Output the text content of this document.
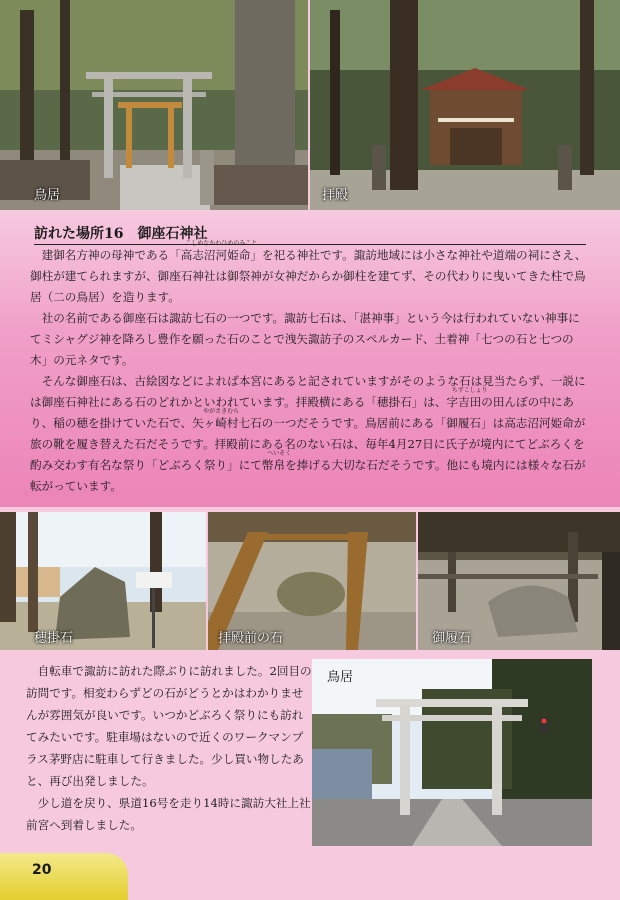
鳥居	拝殿
訪れた場所16　御座石神社

建御名方神の母神である「
こしぬなかわひめのみこと
高志沼河姫命」を祀る神社です。諏訪地域には小さな神社や道端の祠にさえ、御柱が建てられますが、御座石神社は御祭神が女神だからか御柱を建てず、その代わりに曳いてきた柱で鳥居（二の鳥居）を造ります。

社の名前である御座石は諏訪七石の一つです。諏訪七石は、「湛神事」という今は行われていない神事にてミシャグジ神を降ろし豊作を願った石のことで洩矢諏訪子のスペルカード、土着神「七つの石と七つの木」の元ネタです。

そんな御座石は、古絵図などによれば本宮にあると記されていますがそのような石は見当たらず、一説には御座石神社にある石のどれかといわれています。拝殿横にある「穂掛石」は、
ちずこしょり
字吉田の田んぼの中にあり、稲の穂を掛けていた石で、
やがさきむら
矢ヶ崎村七石の一つだそうです。鳥居前にある「御履石」は高志沼河姫命が旅の靴を履き替えた石だそうです。拝殿前にある名のない石は、毎年4月27日に氏子が境内にてどぶろくを酌み交わす有名な祭り「どぶろく祭り」にて
へいそく
幣帛を捧げる大切な石だそうです。他にも境内には様々な石が転がっています。

穂掛石	拝殿前の石	御履石

自転車で諏訪に訪れた際ぶりに訪れました。2回目の訪問です。相変わらずどの石がどうとかはわかりませんが雰囲気が良いです。いつかどぶろく祭りにも訪れてみたいです。駐車場はないので近くのワークマンプラス茅野店に駐車して行きました。少し買い物したあと、再び出発しました。

少し道を戻り、県道16号を走り14時に諏訪大社上社前宮へ到着しました。

鳥居
20
